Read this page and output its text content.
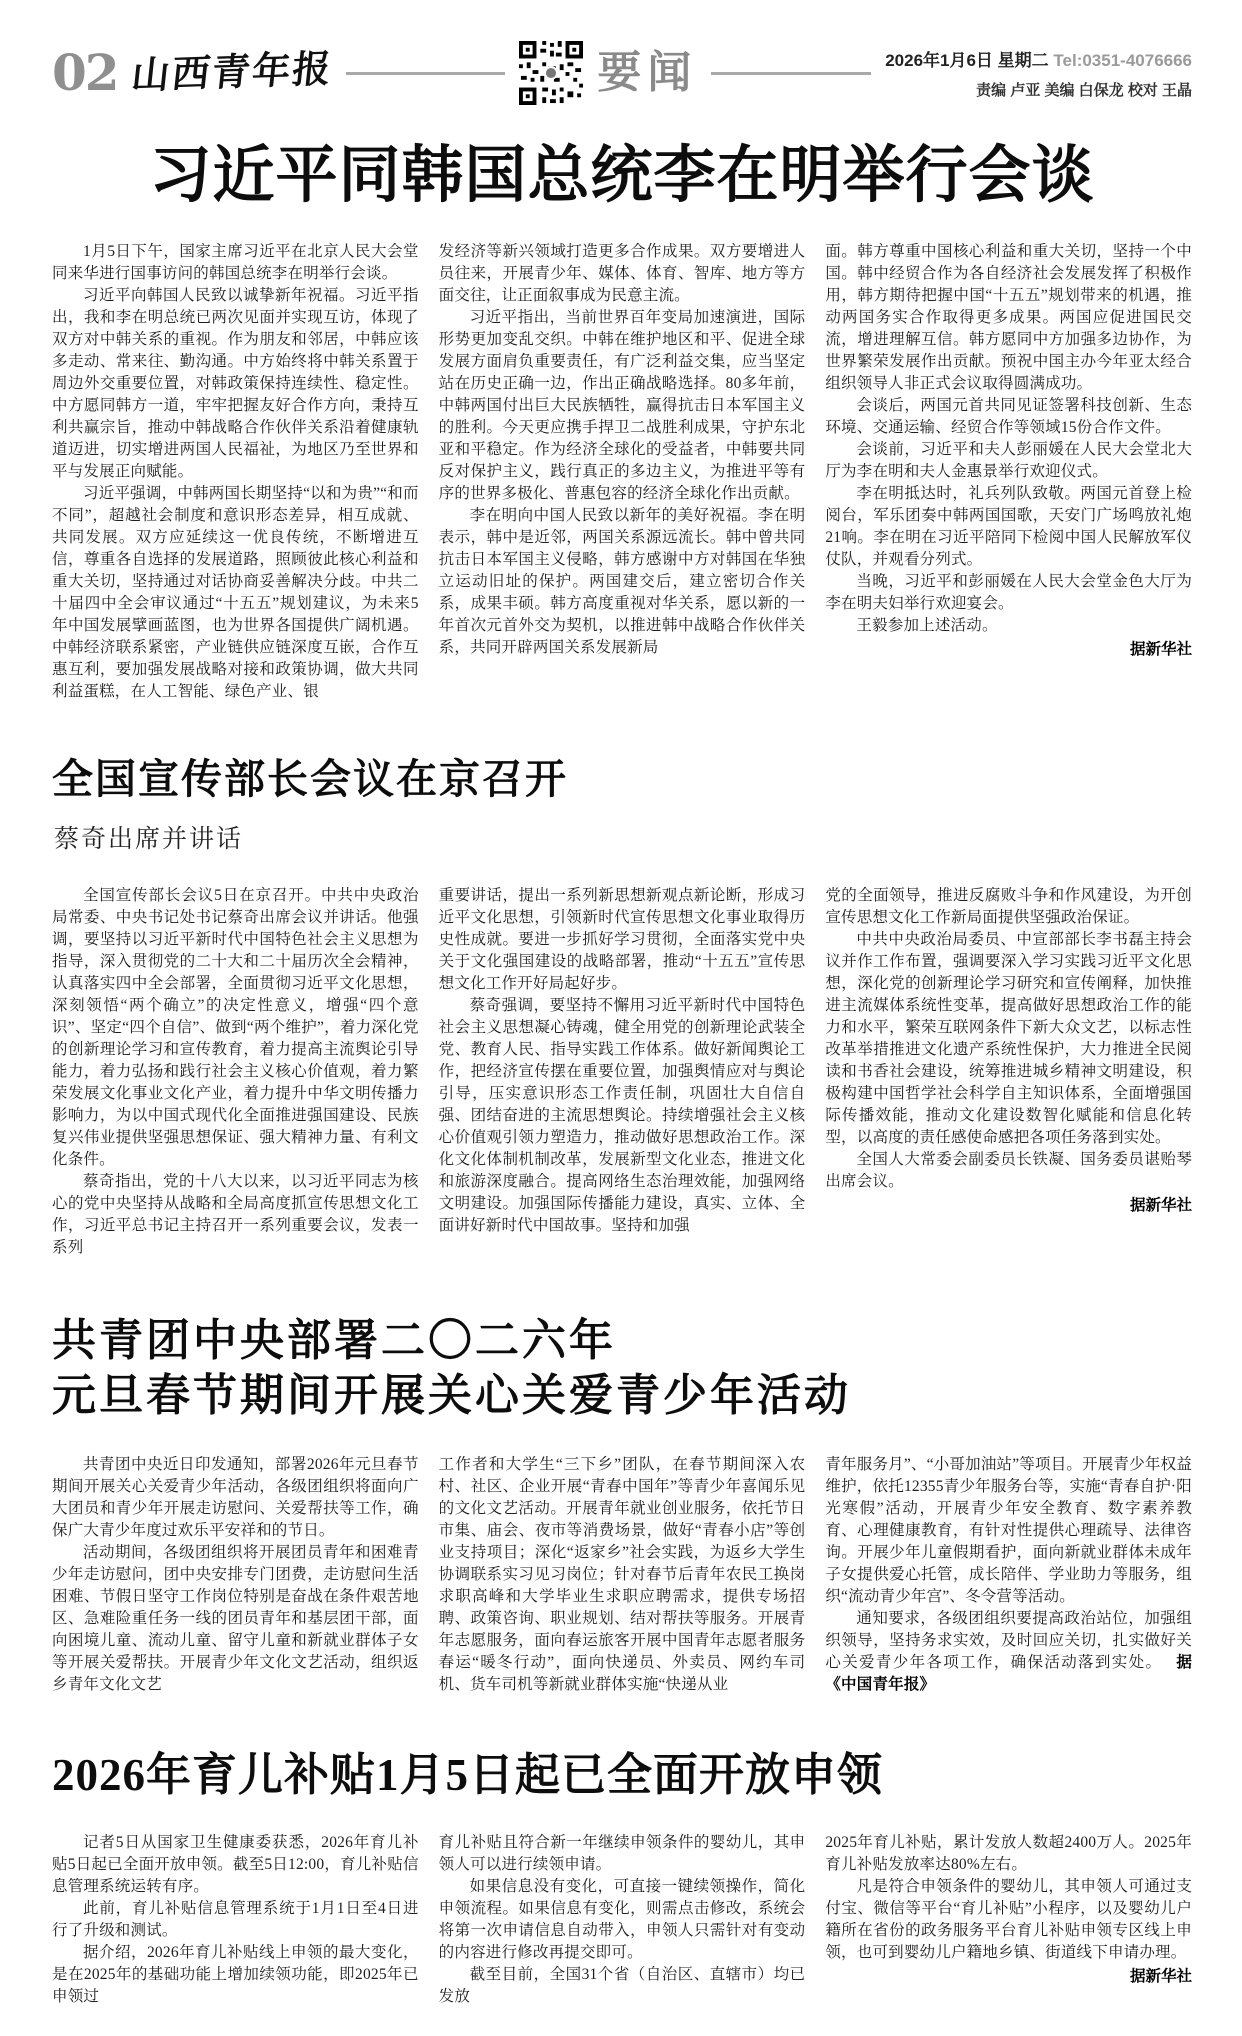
02 山西青年报	要闻	2026年1月6日 星期二 Tel:0351-4076666
责编 卢亚 美编 白保龙 校对 王晶
习近平同韩国总统李在明举行会谈

1月5日下午，国家主席习近平在北京人民大会堂同来华进行国事访问的韩国总统李在明举行会谈。

习近平向韩国人民致以诚挚新年祝福。习近平指出，我和李在明总统已两次见面并实现互访，体现了双方对中韩关系的重视。作为朋友和邻居，中韩应该多走动、常来往、勤沟通。中方始终将中韩关系置于周边外交重要位置，对韩政策保持连续性、稳定性。中方愿同韩方一道，牢牢把握友好合作方向，秉持互利共赢宗旨，推动中韩战略合作伙伴关系沿着健康轨道迈进，切实增进两国人民福祉，为地区乃至世界和平与发展正向赋能。

习近平强调，中韩两国长期坚持“以和为贵”“和而不同”，超越社会制度和意识形态差异，相互成就、共同发展。双方应延续这一优良传统，不断增进互信，尊重各自选择的发展道路，照顾彼此核心利益和重大关切，坚持通过对话协商妥善解决分歧。中共二十届四中全会审议通过“十五五”规划建议，为未来5年中国发展擘画蓝图，也为世界各国提供广阔机遇。中韩经济联系紧密，产业链供应链深度互嵌，合作互惠互利，要加强发展战略对接和政策协调，做大共同利益蛋糕，在人工智能、绿色产业、银

发经济等新兴领域打造更多合作成果。双方要增进人员往来，开展青少年、媒体、体育、智库、地方等方面交往，让正面叙事成为民意主流。

习近平指出，当前世界百年变局加速演进，国际形势更加变乱交织。中韩在维护地区和平、促进全球发展方面肩负重要责任，有广泛利益交集，应当坚定站在历史正确一边，作出正确战略选择。80多年前，中韩两国付出巨大民族牺牲，赢得抗击日本军国主义的胜利。今天更应携手捍卫二战胜利成果，守护东北亚和平稳定。作为经济全球化的受益者，中韩要共同反对保护主义，践行真正的多边主义，为推进平等有序的世界多极化、普惠包容的经济全球化作出贡献。

李在明向中国人民致以新年的美好祝福。李在明表示，韩中是近邻，两国关系源远流长。韩中曾共同抗击日本军国主义侵略，韩方感谢中方对韩国在华独立运动旧址的保护。两国建交后，建立密切合作关系，成果丰硕。韩方高度重视对华关系，愿以新的一年首次元首外交为契机，以推进韩中战略合作伙伴关系，共同开辟两国关系发展新局

面。韩方尊重中国核心利益和重大关切，坚持一个中国。韩中经贸合作为各自经济社会发展发挥了积极作用，韩方期待把握中国“十五五”规划带来的机遇，推动两国务实合作取得更多成果。两国应促进国民交流，增进理解互信。韩方愿同中方加强多边协作，为世界繁荣发展作出贡献。预祝中国主办今年亚太经合组织领导人非正式会议取得圆满成功。

会谈后，两国元首共同见证签署科技创新、生态环境、交通运输、经贸合作等领域15份合作文件。

会谈前，习近平和夫人彭丽媛在人民大会堂北大厅为李在明和夫人金惠景举行欢迎仪式。

李在明抵达时，礼兵列队致敬。两国元首登上检阅台，军乐团奏中韩两国国歌，天安门广场鸣放礼炮21响。李在明在习近平陪同下检阅中国人民解放军仪仗队，并观看分列式。

当晚，习近平和彭丽媛在人民大会堂金色大厅为李在明夫妇举行欢迎宴会。

王毅参加上述活动。

据新华社

全国宣传部长会议在京召开
蔡奇出席并讲话

全国宣传部长会议5日在京召开。中共中央政治局常委、中央书记处书记蔡奇出席会议并讲话。他强调，要坚持以习近平新时代中国特色社会主义思想为指导，深入贯彻党的二十大和二十届历次全会精神，认真落实四中全会部署，全面贯彻习近平文化思想，深刻领悟“两个确立”的决定性意义，增强“四个意识”、坚定“四个自信”、做到“两个维护”，着力深化党的创新理论学习和宣传教育，着力提高主流舆论引导能力，着力弘扬和践行社会主义核心价值观，着力繁荣发展文化事业文化产业，着力提升中华文明传播力影响力，为以中国式现代化全面推进强国建设、民族复兴伟业提供坚强思想保证、强大精神力量、有利文化条件。

蔡奇指出，党的十八大以来，以习近平同志为核心的党中央坚持从战略和全局高度抓宣传思想文化工作，习近平总书记主持召开一系列重要会议，发表一系列

重要讲话，提出一系列新思想新观点新论断，形成习近平文化思想，引领新时代宣传思想文化事业取得历史性成就。要进一步抓好学习贯彻，全面落实党中央关于文化强国建设的战略部署，推动“十五五”宣传思想文化工作开好局起好步。

蔡奇强调，要坚持不懈用习近平新时代中国特色社会主义思想凝心铸魂，健全用党的创新理论武装全党、教育人民、指导实践工作体系。做好新闻舆论工作，把经济宣传摆在重要位置，加强舆情应对与舆论引导，压实意识形态工作责任制，巩固壮大自信自强、团结奋进的主流思想舆论。持续增强社会主义核心价值观引领力塑造力，推动做好思想政治工作。深化文化体制机制改革，发展新型文化业态，推进文化和旅游深度融合。提高网络生态治理效能，加强网络文明建设。加强国际传播能力建设，真实、立体、全面讲好新时代中国故事。坚持和加强

党的全面领导，推进反腐败斗争和作风建设，为开创宣传思想文化工作新局面提供坚强政治保证。

中共中央政治局委员、中宣部部长李书磊主持会议并作工作布置，强调要深入学习实践习近平文化思想，深化党的创新理论学习研究和宣传阐释，加快推进主流媒体系统性变革，提高做好思想政治工作的能力和水平，繁荣互联网条件下新大众文艺，以标志性改革举措推进文化遗产系统性保护，大力推进全民阅读和书香社会建设，统筹推进城乡精神文明建设，积极构建中国哲学社会科学自主知识体系，全面增强国际传播效能，推动文化建设数智化赋能和信息化转型，以高度的责任感使命感把各项任务落到实处。

全国人大常委会副委员长铁凝、国务委员谌贻琴出席会议。

据新华社

共青团中央部署二〇二六年
元旦春节期间开展关心关爱青少年活动

共青团中央近日印发通知，部署2026年元旦春节期间开展关心关爱青少年活动，各级团组织将面向广大团员和青少年开展走访慰问、关爱帮扶等工作，确保广大青少年度过欢乐平安祥和的节日。

活动期间，各级团组织将开展团员青年和困难青少年走访慰问，团中央安排专门团费，走访慰问生活困难、节假日坚守工作岗位特别是奋战在条件艰苦地区、急难险重任务一线的团员青年和基层团干部，面向困境儿童、流动儿童、留守儿童和新就业群体子女等开展关爱帮扶。开展青少年文化文艺活动，组织返乡青年文化文艺

工作者和大学生“三下乡”团队，在春节期间深入农村、社区、企业开展“青春中国年”等青少年喜闻乐见的文化文艺活动。开展青年就业创业服务，依托节日市集、庙会、夜市等消费场景，做好“青春小店”等创业支持项目；深化“返家乡”社会实践，为返乡大学生协调联系实习见习岗位；针对春节后青年农民工换岗求职高峰和大学毕业生求职应聘需求，提供专场招聘、政策咨询、职业规划、结对帮扶等服务。开展青年志愿服务，面向春运旅客开展中国青年志愿者服务春运“暖冬行动”，面向快递员、外卖员、网约车司机、货车司机等新就业群体实施“快递从业

青年服务月”、“小哥加油站”等项目。开展青少年权益维护，依托12355青少年服务台等，实施“青春自护·阳光寒假”活动，开展青少年安全教育、数字素养教育、心理健康教育，有针对性提供心理疏导、法律咨询。开展少年儿童假期看护，面向新就业群体未成年子女提供爱心托管，成长陪伴、学业助力等服务，组织“流动青少年宫”、冬令营等活动。

通知要求，各级团组织要提高政治站位，加强组织领导，坚持务求实效，及时回应关切，扎实做好关心关爱青少年各项工作，确保活动落到实处。 据《中国青年报》

2026年育儿补贴1月5日起已全面开放申领

记者5日从国家卫生健康委获悉，2026年育儿补贴5日起已全面开放申领。截至5日12:00，育儿补贴信息管理系统运转有序。

此前，育儿补贴信息管理系统于1月1日至4日进行了升级和测试。

据介绍，2026年育儿补贴线上申领的最大变化，是在2025年的基础功能上增加续领功能，即2025年已申领过

育儿补贴且符合新一年继续申领条件的婴幼儿，其申领人可以进行续领申请。

如果信息没有变化，可直接一键续领操作，简化申领流程。如果信息有变化，则需点击修改，系统会将第一次申请信息自动带入，申领人只需针对有变动的内容进行修改再提交即可。

截至目前，全国31个省（自治区、直辖市）均已发放

2025年育儿补贴，累计发放人数超2400万人。2025年育儿补贴发放率达80%左右。

凡是符合申领条件的婴幼儿，其申领人可通过支付宝、微信等平台“育儿补贴”小程序，以及婴幼儿户籍所在省份的政务服务平台育儿补贴申领专区线上申领，也可到婴幼儿户籍地乡镇、街道线下申请办理。

据新华社
